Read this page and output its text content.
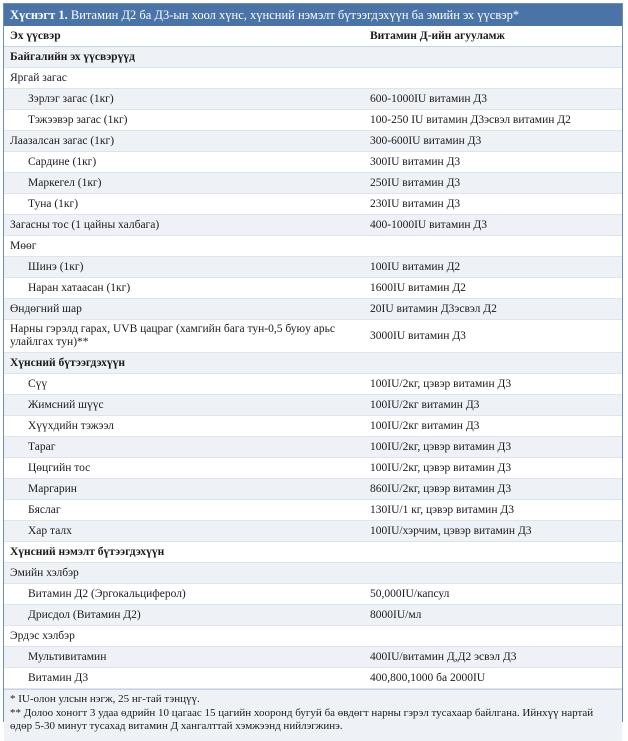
Хүснэгт 1. Витамин Д2 ба Д3-ын хоол хүнс, хүнсний нэмэлт бүтээгдэхүүн ба эмийн эх үүсвэр*
Эх үүсвэр	Витамин Д-ийн агууламж
Байгалийн эх үүсвэрүүд	
Яргай загас	
Зэрлэг загас (1кг)	600-1000IU витамин Д3
Тэжээвэр загас (1кг)	100-250 IU витамин Д3эсвэл витамин Д2
Лаазалсан загас (1кг)	300-600IU витамин Д3
Сардине (1кг)	300IU витамин Д3
Маркегел (1кг)	250IU витамин Д3
Туна (1кг)	230IU витамин Д3
Загасны тос (1 цайны халбага)	400-1000IU витамин Д3
Мөөг	
Шинэ (1кг)	100IU витамин Д2
Наран хатаасан (1кг)	1600IU витамин Д2
Өндөгний шар	20IU витамин Д3эсвэл Д2
Нарны гэрэлд гарах, UVB цацраг (хамгийн бага тун-0,5 буюу арьс улайлгах тун)**	3000IU витамин Д3
Хүнсний бүтээгдэхүүн	
Сүү	100IU/2кг, цэвэр витамин Д3
Жимсний шүүс	100IU/2кг витамин Д3
Хүүхдийн тэжээл	100IU/2кг витамин Д3
Тараг	100IU/2кг, цэвэр витамин Д3
Цөцгийн тос	100IU/2кг, цэвэр витамин Д3
Маргарин	860IU/2кг, цэвэр витамин Д3
Бяслаг	130IU/1 кг, цэвэр витамин Д3
Хар талх	100IU/хэрчим, цэвэр витамин Д3
Хүнсний нэмэлт бүтээгдэхүүн	
Эмийн хэлбэр	
Витамин Д2 (Эргокальциферол)	50,000IU/капсул
Дрисдол (Витамин Д2)	8000IU/мл
Эрдэс хэлбэр	
Мультивитамин	400IU/витамин Д,Д2 эсвэл Д3
Витамин Д3	400,800,1000 ба 2000IU
* IU-олон улсын нэгж, 25 нг-тай тэнцүү.
** Долоо хоногт 3 удаа өдрийн 10 цагаас 15 цагийн хооронд бугуй ба өвдөгт нарны гэрэл тусахаар байлгана. Ийнхүү нартай өдөр 5-30 минут тусахад витамин Д хангалттай хэмжээнд нийлэгжинэ.
